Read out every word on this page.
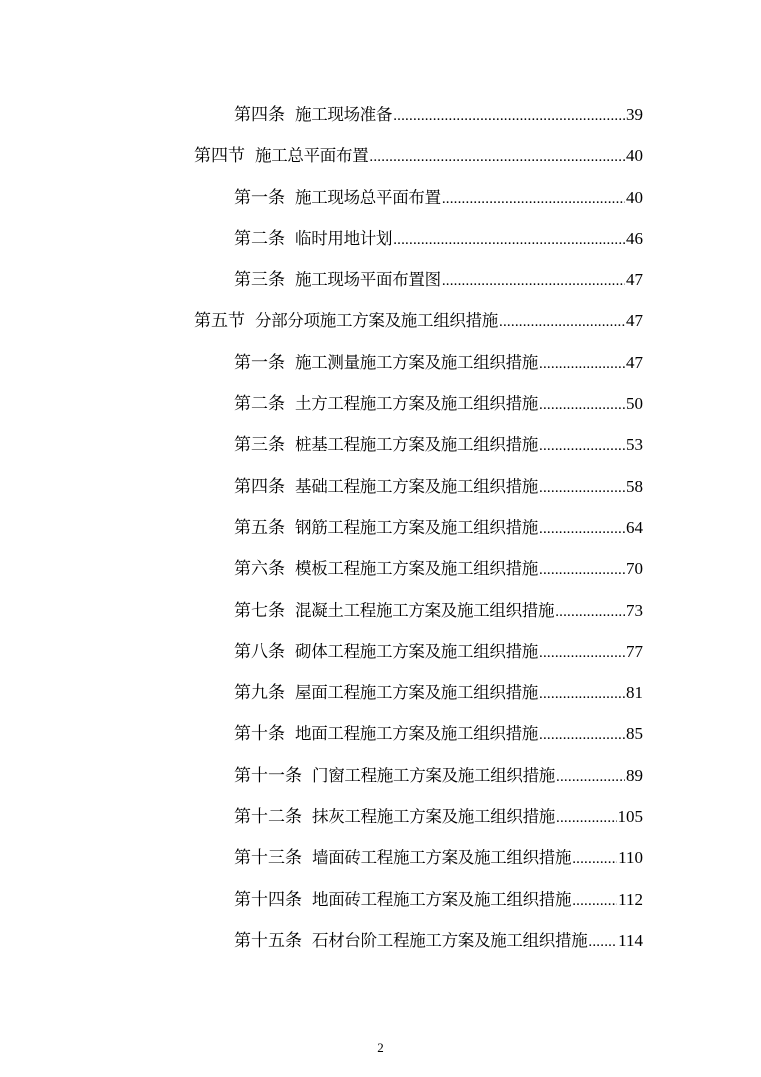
第四条 施工现场准备 .....	39
第四节 施工总平面布置 .....	40
第一条 施工现场总平面布置 .....	40
第二条 临时用地计划 .....	46
第三条 施工现场平面布置图 .....	47
第五节 分部分项施工方案及施工组织措施 .....	47
第一条 施工测量施工方案及施工组织措施 .....	47
第二条 土方工程施工方案及施工组织措施 .....	50
第三条 桩基工程施工方案及施工组织措施 .....	53
第四条 基础工程施工方案及施工组织措施 .....	58
第五条 钢筋工程施工方案及施工组织措施 .....	64
第六条 模板工程施工方案及施工组织措施 .....	70
第七条 混凝土工程施工方案及施工组织措施 .....	73
第八条 砌体工程施工方案及施工组织措施 .....	77
第九条 屋面工程施工方案及施工组织措施 .....	81
第十条 地面工程施工方案及施工组织措施 .....	85
第十一条 门窗工程施工方案及施工组织措施 .....	89
第十二条 抹灰工程施工方案及施工组织措施 .....	105
第十三条 墙面砖工程施工方案及施工组织措施 .....	110
第十四条 地面砖工程施工方案及施工组织措施 .....	112
第十五条 石材台阶工程施工方案及施工组织措施 ..... 114
2
